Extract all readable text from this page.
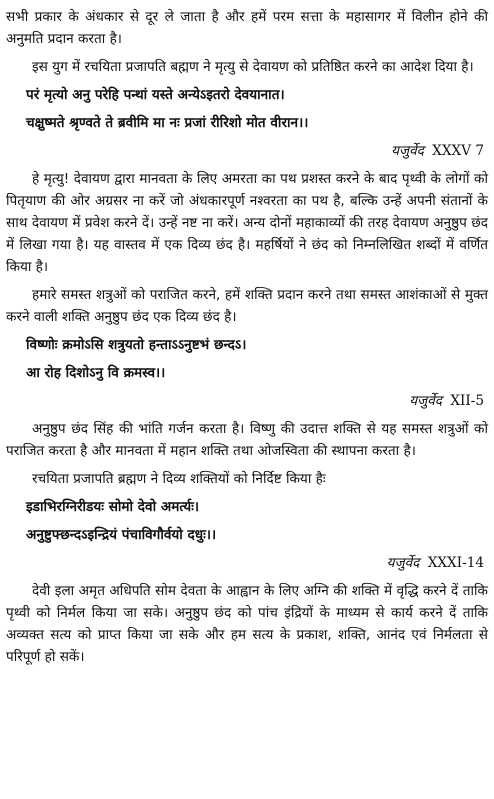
सभी प्रकार के अंधकार से दूर ले जाता है और हमें परम सत्ता के महासागर में विलीन होने की अनुमति प्रदान करता है।

इस युग में रचयिता प्रजापति बह्मण ने मृत्यु से देवायण को प्रतिष्ठित करने का आदेश दिया है।

परं मृत्यो अनु परेहि पन्थां यस्ते अन्येऽइतरो देवयानात।

चक्षुष्मते श्रृण्वते ते ब्रवीमि मा नः प्रजां रीरिशो मोत वीरान।।

यजुर्वेद XXXV 7

हे मृत्यु! देवायण द्वारा मानवता के लिए अमरता का पथ प्रशस्त करने के बाद पृथ्वी के लोगों को पितृयाण की ओर अग्रसर ना करें जो अंधकारपूर्ण नश्वरता का पथ है, बल्कि उन्हें अपनी संतानों के साथ देवायण में प्रवेश करने दें। उन्हें नष्ट ना करें। अन्य दोनों महाकाव्यों की तरह देवायण अनुष्ठुप छंद में लिखा गया है। यह वास्तव में एक दिव्य छंद है। महर्षियों ने छंद को निम्नलिखित शब्दों में वर्णित किया है।

हमारे समस्त शत्रुओं को पराजित करने, हमें शक्ति प्रदान करने तथा समस्त आशंकाओं से मुक्त करने वाली शक्ति अनुष्ठुप छंद एक दिव्य छंद है।

विष्णोः क्रमोऽसि शत्रुयतो हन्ताऽऽनुष्टभं छन्दऽ।

आ रोह दिशोऽनु वि क्रमस्व।।

यजुर्वेद XII-5

अनुष्ठुप छंद सिंह की भांति गर्जन करता है। विष्णु की उदात्त शक्ति से यह समस्त शत्रुओं को पराजित करता है और मानवता में महान शक्ति तथा ओजस्विता की स्थापना करता है।

रचयिता प्रजापति ब्रह्मण ने दिव्य शक्तियों को निर्दिष्ट किया हैः

इडाभिरग्निरीडयः सोमो देवो अमर्त्यः।

अनुष्टुफ्छन्दऽइन्द्रियं पंचाविगौर्वयो दधुः।।

यजुर्वेद XXXI-14

देवी इला अमृत अधिपति सोम देवता के आह्वान के लिए अग्नि की शक्ति में वृद्धि करने दें ताकि पृथ्वी को निर्मल किया जा सके। अनुष्ठुप छंद को पांच इंद्रियों के माध्यम से कार्य करने दें ताकि अव्यक्त सत्य को प्राप्त किया जा सके और हम सत्य के प्रकाश, शक्ति, आनंद एवं निर्मलता से परिपूर्ण हो सकें।
